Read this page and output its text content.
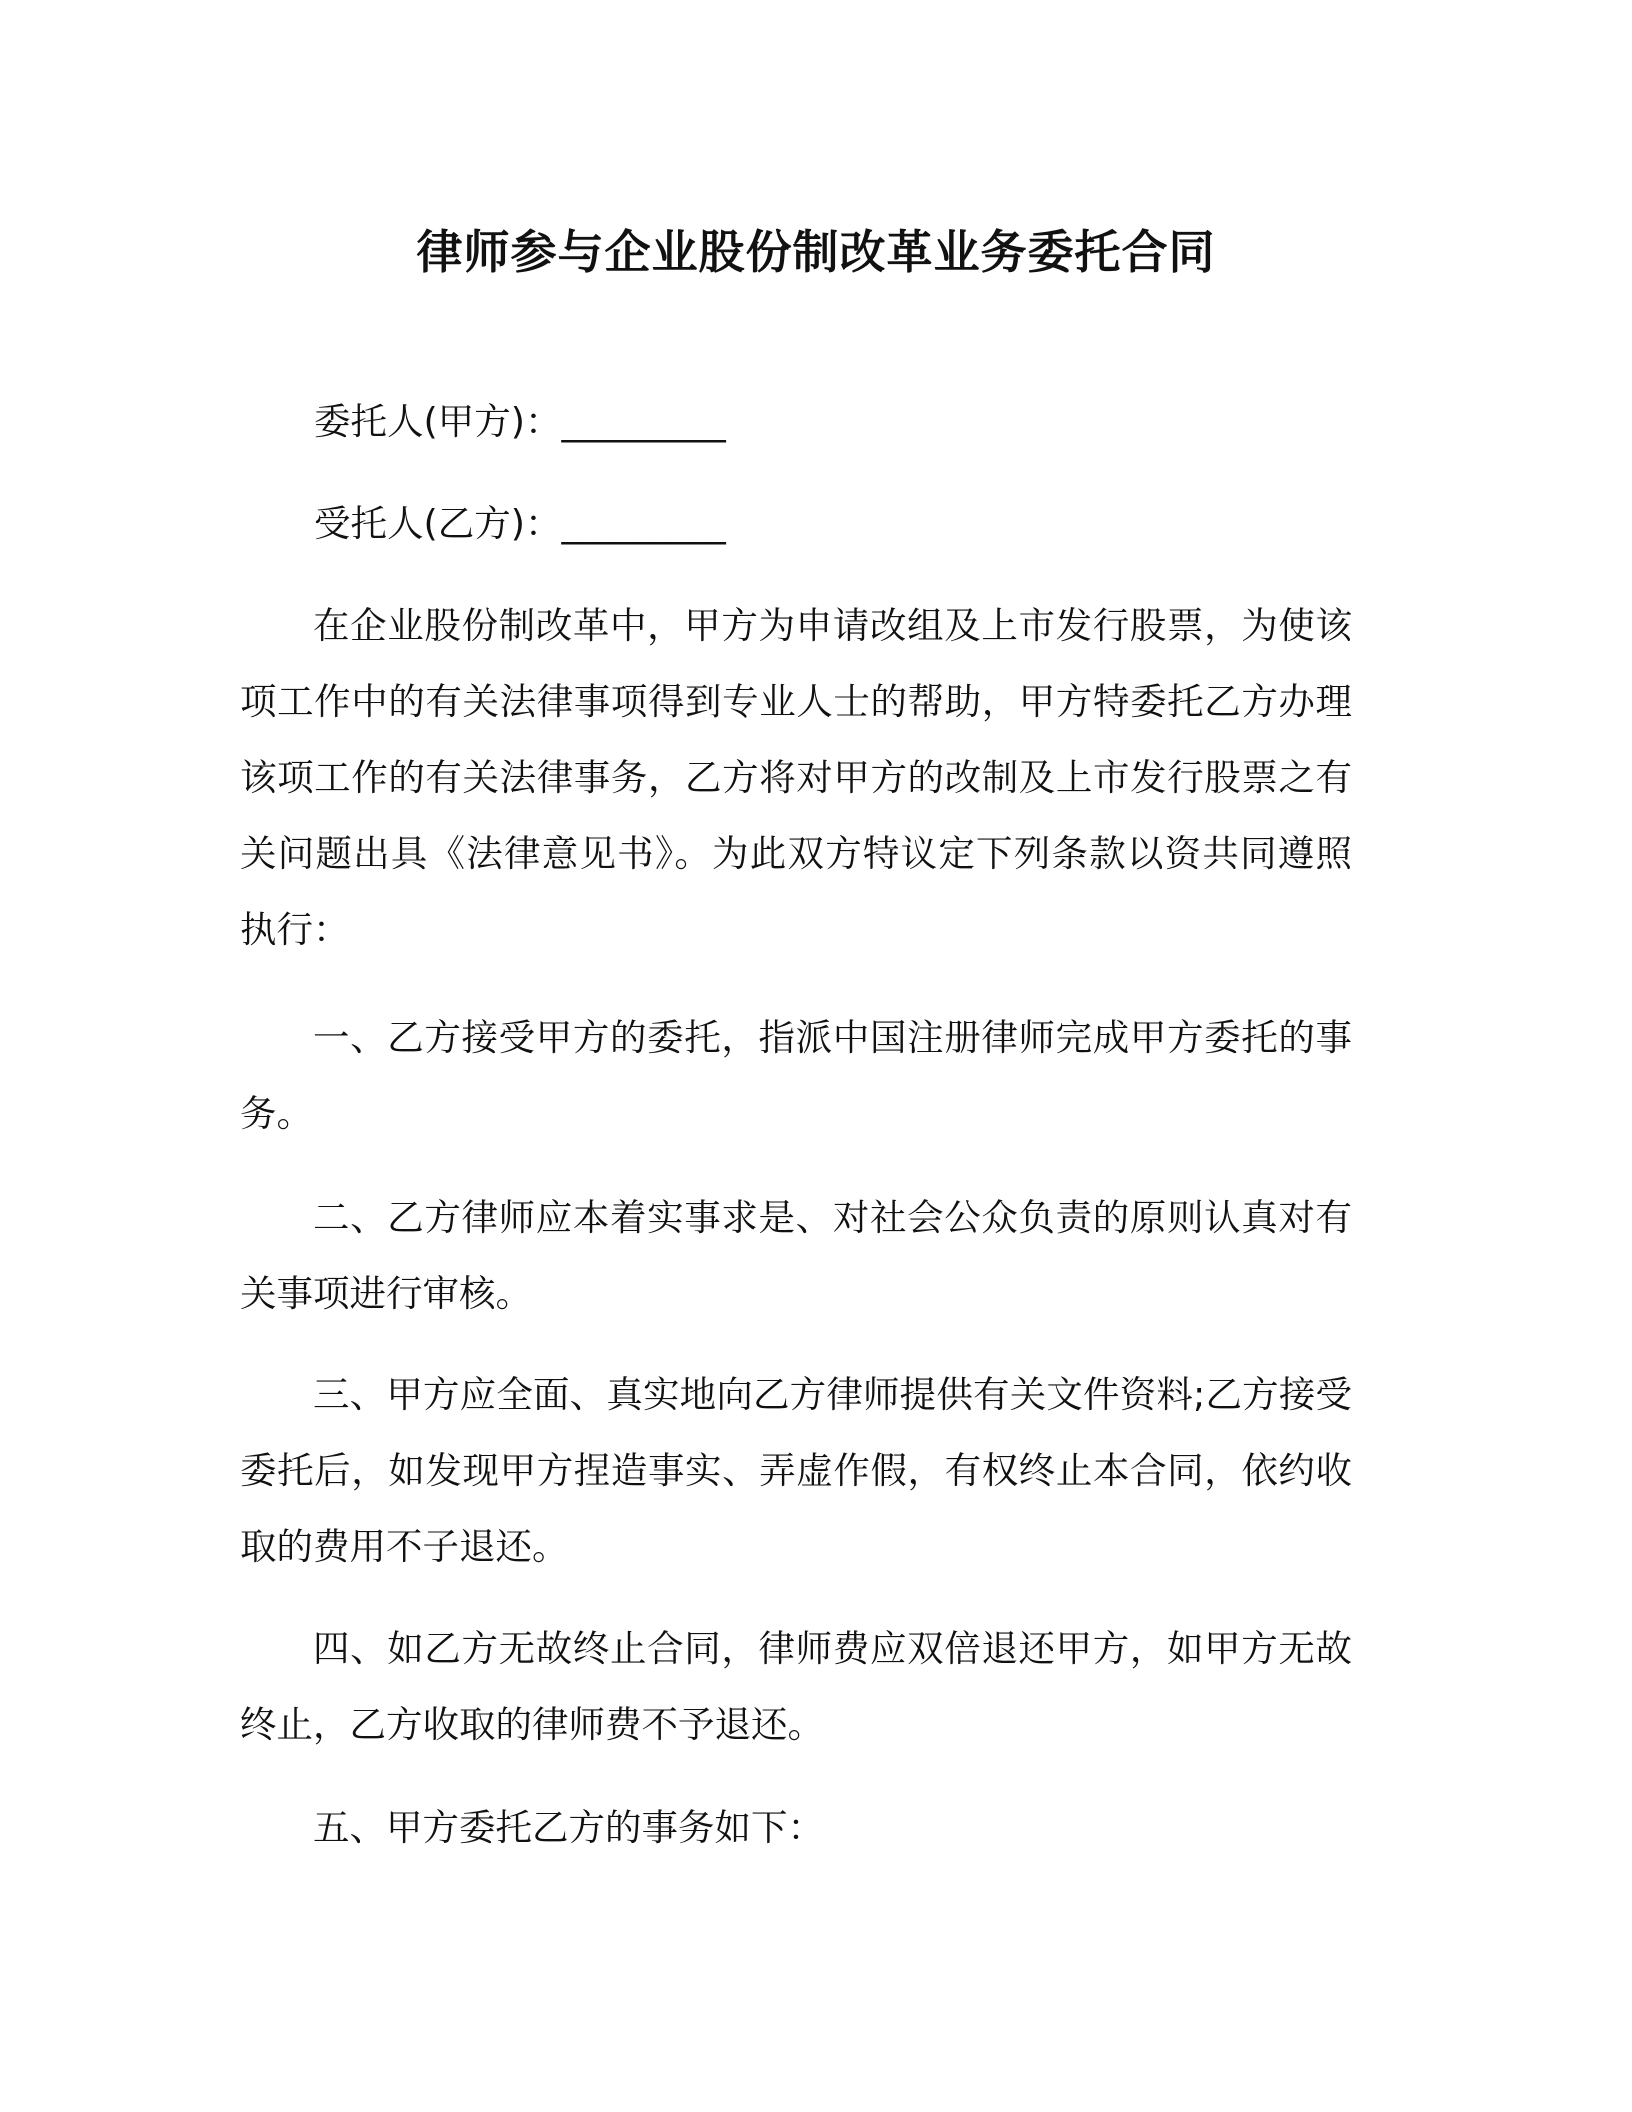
律师参与企业股份制改革业务委托合同

委托人(甲方)：_________

受托人(乙方)：_________

在企业股份制改革中，甲方为申请改组及上市发行股票，为使该项工作中的有关法律事项得到专业人士的帮助，甲方特委托乙方办理该项工作的有关法律事务，乙方将对甲方的改制及上市发行股票之有关问题出具《法律意见书》。为此双方特议定下列条款以资共同遵照执行：

一、乙方接受甲方的委托，指派中国注册律师完成甲方委托的事务。

二、乙方律师应本着实事求是、对社会公众负责的原则认真对有关事项进行审核。

三、甲方应全面、真实地向乙方律师提供有关文件资料;乙方接受委托后，如发现甲方捏造事实、弄虚作假，有权终止本合同，依约收取的费用不子退还。

四、如乙方无故终止合同，律师费应双倍退还甲方，如甲方无故终止，乙方收取的律师费不予退还。

五、甲方委托乙方的事务如下：
